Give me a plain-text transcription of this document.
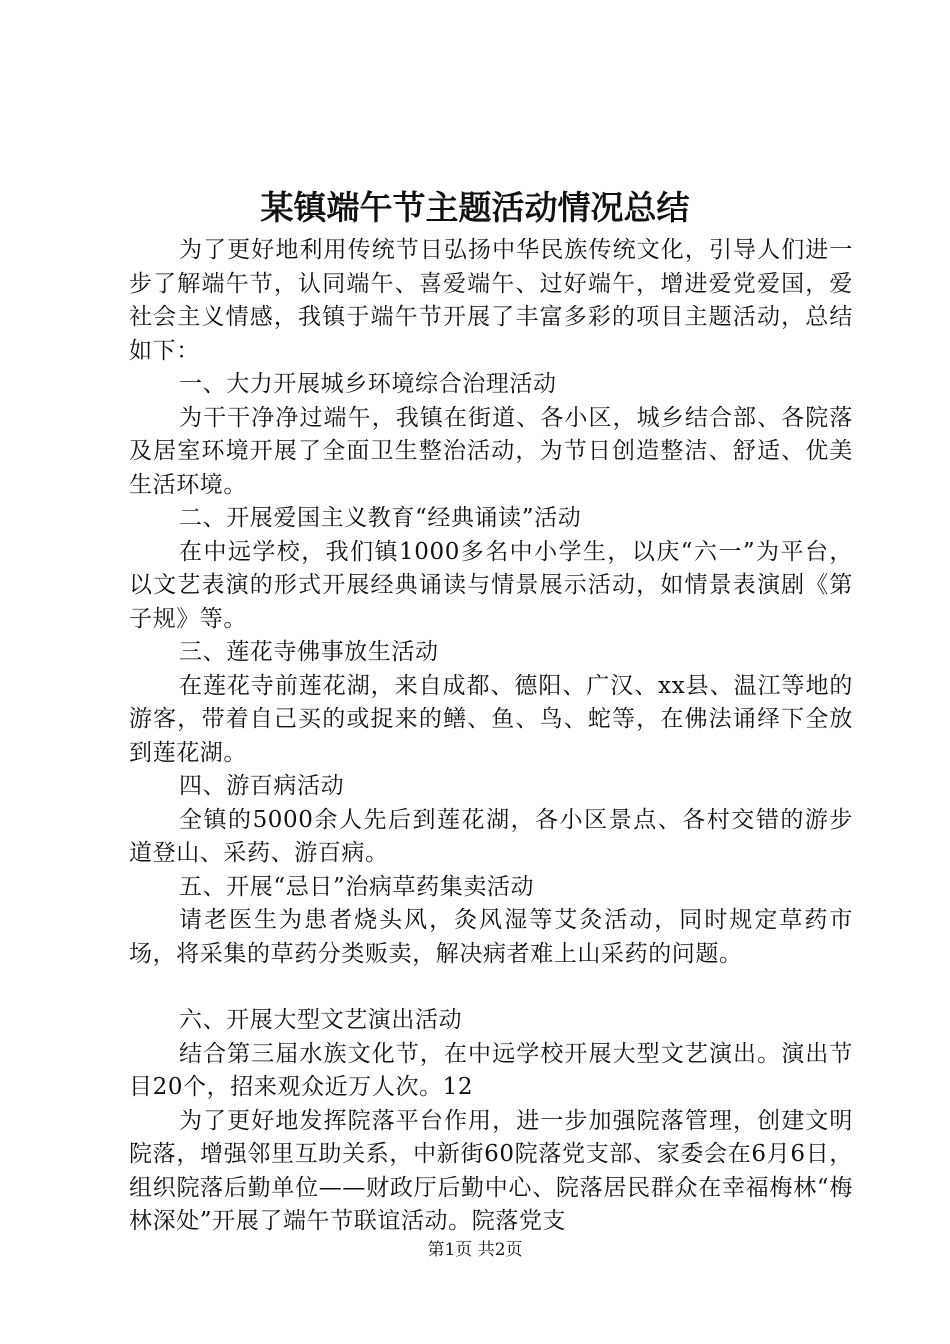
某镇端午节主题活动情况总结

为了更好地利用传统节日弘扬中华民族传统文化，引导人们进一步了解端午节，认同端午、喜爱端午、过好端午，增进爱党爱国，爱社会主义情感，我镇于端午节开展了丰富多彩的项目主题活动，总结如下：

一、大力开展城乡环境综合治理活动

为干干净净过端午，我镇在街道、各小区，城乡结合部、各院落及居室环境开展了全面卫生整治活动，为节日创造整洁、舒适、优美生活环境。

二、开展爱国主义教育“经典诵读”活动

在中远学校，我们镇1000多名中小学生，以庆“六一”为平台，以文艺表演的形式开展经典诵读与情景展示活动，如情景表演剧《第子规》等。

三、莲花寺佛事放生活动

在莲花寺前莲花湖，来自成都、德阳、广汉、xx县、温江等地的游客，带着自己买的或捉来的鳝、鱼、鸟、蛇等，在佛法诵绎下全放到莲花湖。

四、游百病活动

全镇的5000余人先后到莲花湖，各小区景点、各村交错的游步道登山、采药、游百病。

五、开展“忌日”治病草药集卖活动

请老医生为患者烧头风，灸风湿等艾灸活动，同时规定草药市场，将采集的草药分类贩卖，解决病者难上山采药的问题。

六、开展大型文艺演出活动

结合第三届水族文化节，在中远学校开展大型文艺演出。演出节目20个，招来观众近万人次。12

为了更好地发挥院落平台作用，进一步加强院落管理，创建文明院落，增强邻里互助关系，中新街60院落党支部、家委会在6月6日，组织院落后勤单位——财政厅后勤中心、院落居民群众在幸福梅林“梅林深处”开展了端午节联谊活动。院落党支

第1页 共2页
